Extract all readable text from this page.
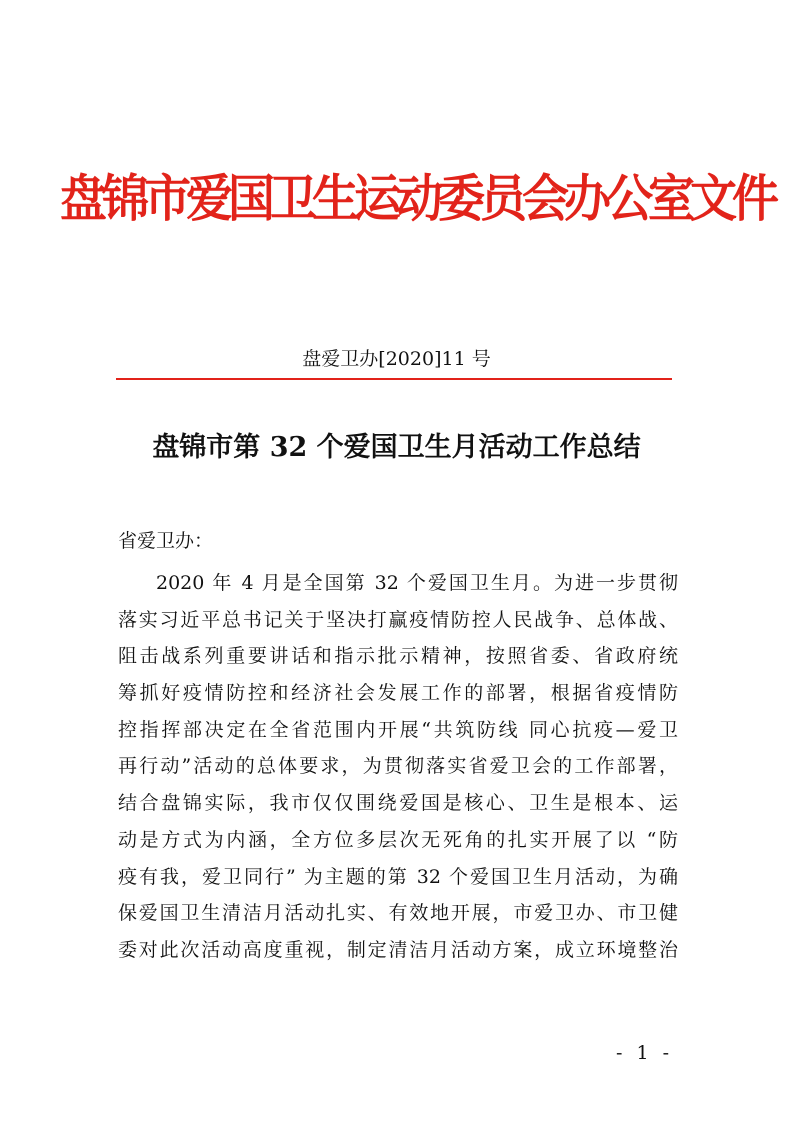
盘锦市爱国卫生运动委员会办公室文件
盘爱卫办[2020]11 号
盘锦市第 32 个爱国卫生月活动工作总结
省爱卫办：
2020 年 4 月是全国第 32 个爱国卫生月。为进一步贯彻
落实习近平总书记关于坚决打赢疫情防控人民战争、总体战、
阻击战系列重要讲话和指示批示精神，按照省委、省政府统
筹抓好疫情防控和经济社会发展工作的部署，根据省疫情防
控指挥部决定在全省范围内开展“共筑防线 同心抗疫—爱卫
再行动”活动的总体要求，为贯彻落实省爱卫会的工作部署，
结合盘锦实际，我市仅仅围绕爱国是核心、卫生是根本、运
动是方式为内涵，全方位多层次无死角的扎实开展了以 “防
疫有我，爱卫同行” 为主题的第 32 个爱国卫生月活动，为确
保爱国卫生清洁月活动扎实、有效地开展，市爱卫办、市卫健
委对此次活动高度重视，制定清洁月活动方案，成立环境整治
- 1 -
